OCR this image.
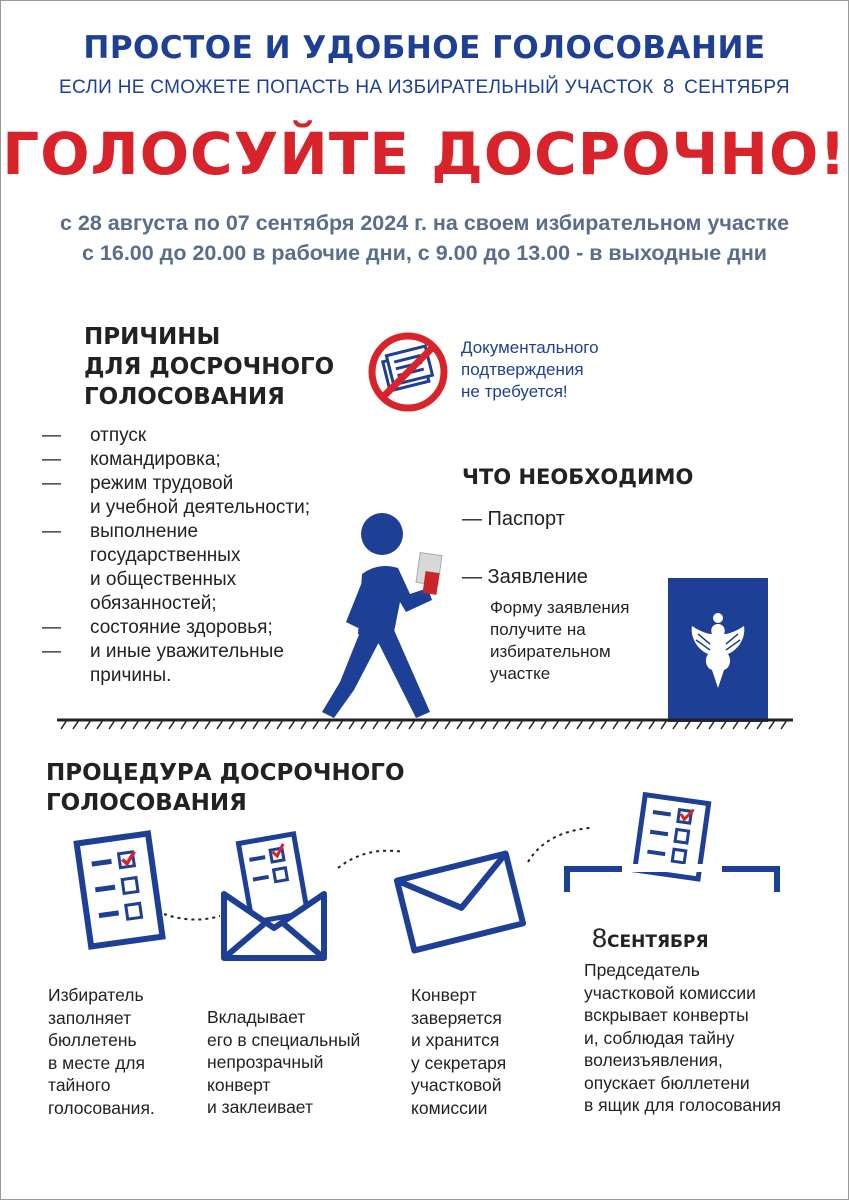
ПРОСТОЕ И УДОБНОЕ ГОЛОСОВАНИЕ
ЕСЛИ НЕ СМОЖЕТЕ ПОПАСТЬ НА ИЗБИРАТЕЛЬНЫЙ УЧАСТОК 8 СЕНТЯБРЯ
ГОЛОСУЙТЕ ДОСРОЧНО!
с 28 августа по 07 сентября 2024 г. на своем избирательном участке
с 16.00 до 20.00 в рабочие дни, с 9.00 до 13.00 - в выходные дни
ПРИЧИНЫ
ДЛЯ ДОСРОЧНОГО
ГОЛОСОВАНИЯ
Документального
подтверждения
не требуется!
—	отпуск
—	командировка;
—	режим трудовой
и учебной деятельности;
—	выполнение
государственных
и общественных
обязанностей;
—	состояние здоровья;
—	и иные уважительные
причины.
ЧТО НЕОБХОДИМО
— Паспорт
— Заявление
Форму заявления
получите на
избирательном
участке
ПРОЦЕДУРА ДОСРОЧНОГО
ГОЛОСОВАНИЯ
Избиратель
заполняет
бюллетень
в месте для
тайного
голосования.
Вкладывает
его в специальный
непрозрачный
конверт
и заклеивает
Конверт
заверяется
и хранится
у секретаря
участковой
комиссии
8СЕНТЯБРЯ
Председатель
участковой комиссии
вскрывает конверты
и, соблюдая тайну
волеизъявления,
опускает бюллетени
в ящик для голосования
